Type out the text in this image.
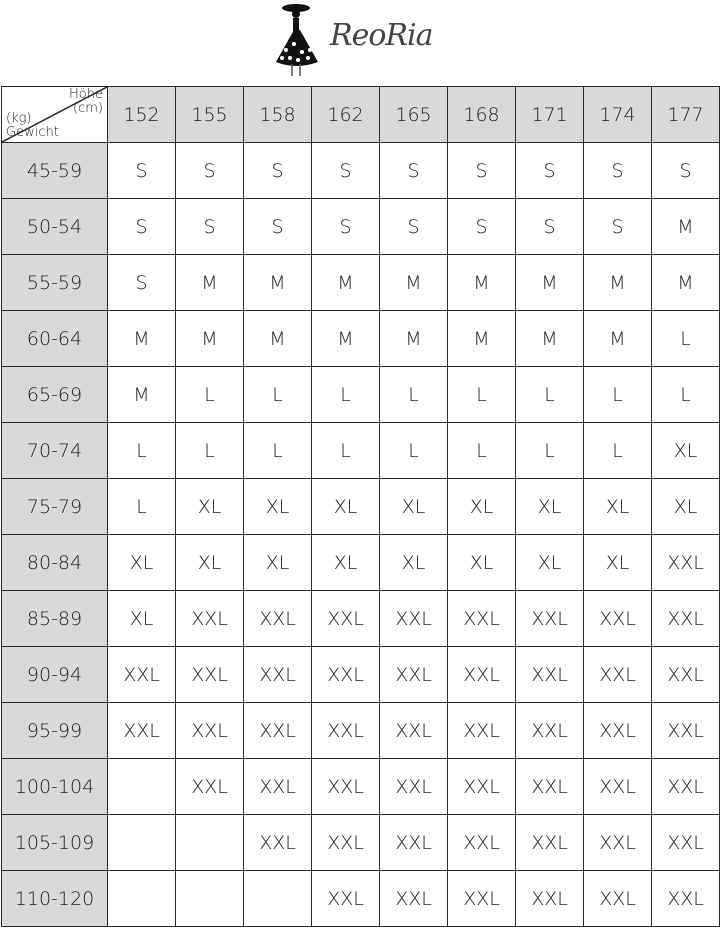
ReoRia
Höhe
(cm)
(kg)
Gewicht	152	155	158	162	165	168	171	174	177
45-59	S	S	S	S	S	S	S	S	S
50-54	S	S	S	S	S	S	S	S	M
55-59	S	M	M	M	M	M	M	M	M
60-64	M	M	M	M	M	M	M	M	L
65-69	M	L	L	L	L	L	L	L	L
70-74	L	L	L	L	L	L	L	L	XL
75-79	L	XL	XL	XL	XL	XL	XL	XL	XL
80-84	XL	XL	XL	XL	XL	XL	XL	XL	XXL
85-89	XL	XXL	XXL	XXL	XXL	XXL	XXL	XXL	XXL
90-94	XXL	XXL	XXL	XXL	XXL	XXL	XXL	XXL	XXL
95-99	XXL	XXL	XXL	XXL	XXL	XXL	XXL	XXL	XXL
100-104		XXL	XXL	XXL	XXL	XXL	XXL	XXL	XXL
105-109			XXL	XXL	XXL	XXL	XXL	XXL	XXL
110-120				XXL	XXL	XXL	XXL	XXL	XXL
